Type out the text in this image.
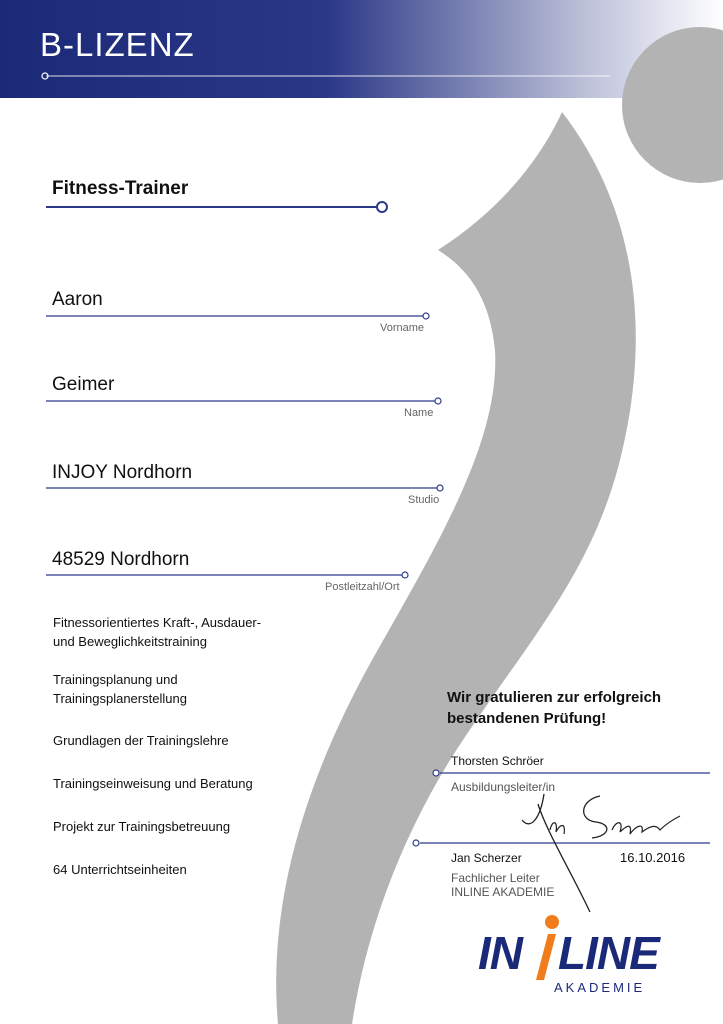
B-LIZENZ
Fitness-Trainer
Aaron
Vorname
Geimer
Name
INJOY Nordhorn
Studio
48529 Nordhorn
Postleitzahl/Ort
Fitnessorientiertes Kraft-, Ausdauer- und Beweglichkeitstraining
Trainingsplanung und Trainingsplanerstellung
Grundlagen der Trainingslehre
Trainingseinweisung und Beratung
Projekt zur Trainingsbetreuung
64 Unterrichtseinheiten
Wir gratulieren zur erfolgreich bestandenen Prüfung!
Thorsten Schröer
Ausbildungsleiter/in
Jan Scherzer	16.10.2016
Fachlicher Leiter
INLINE AKADEMIE
IN LINE
AKADEMIE
